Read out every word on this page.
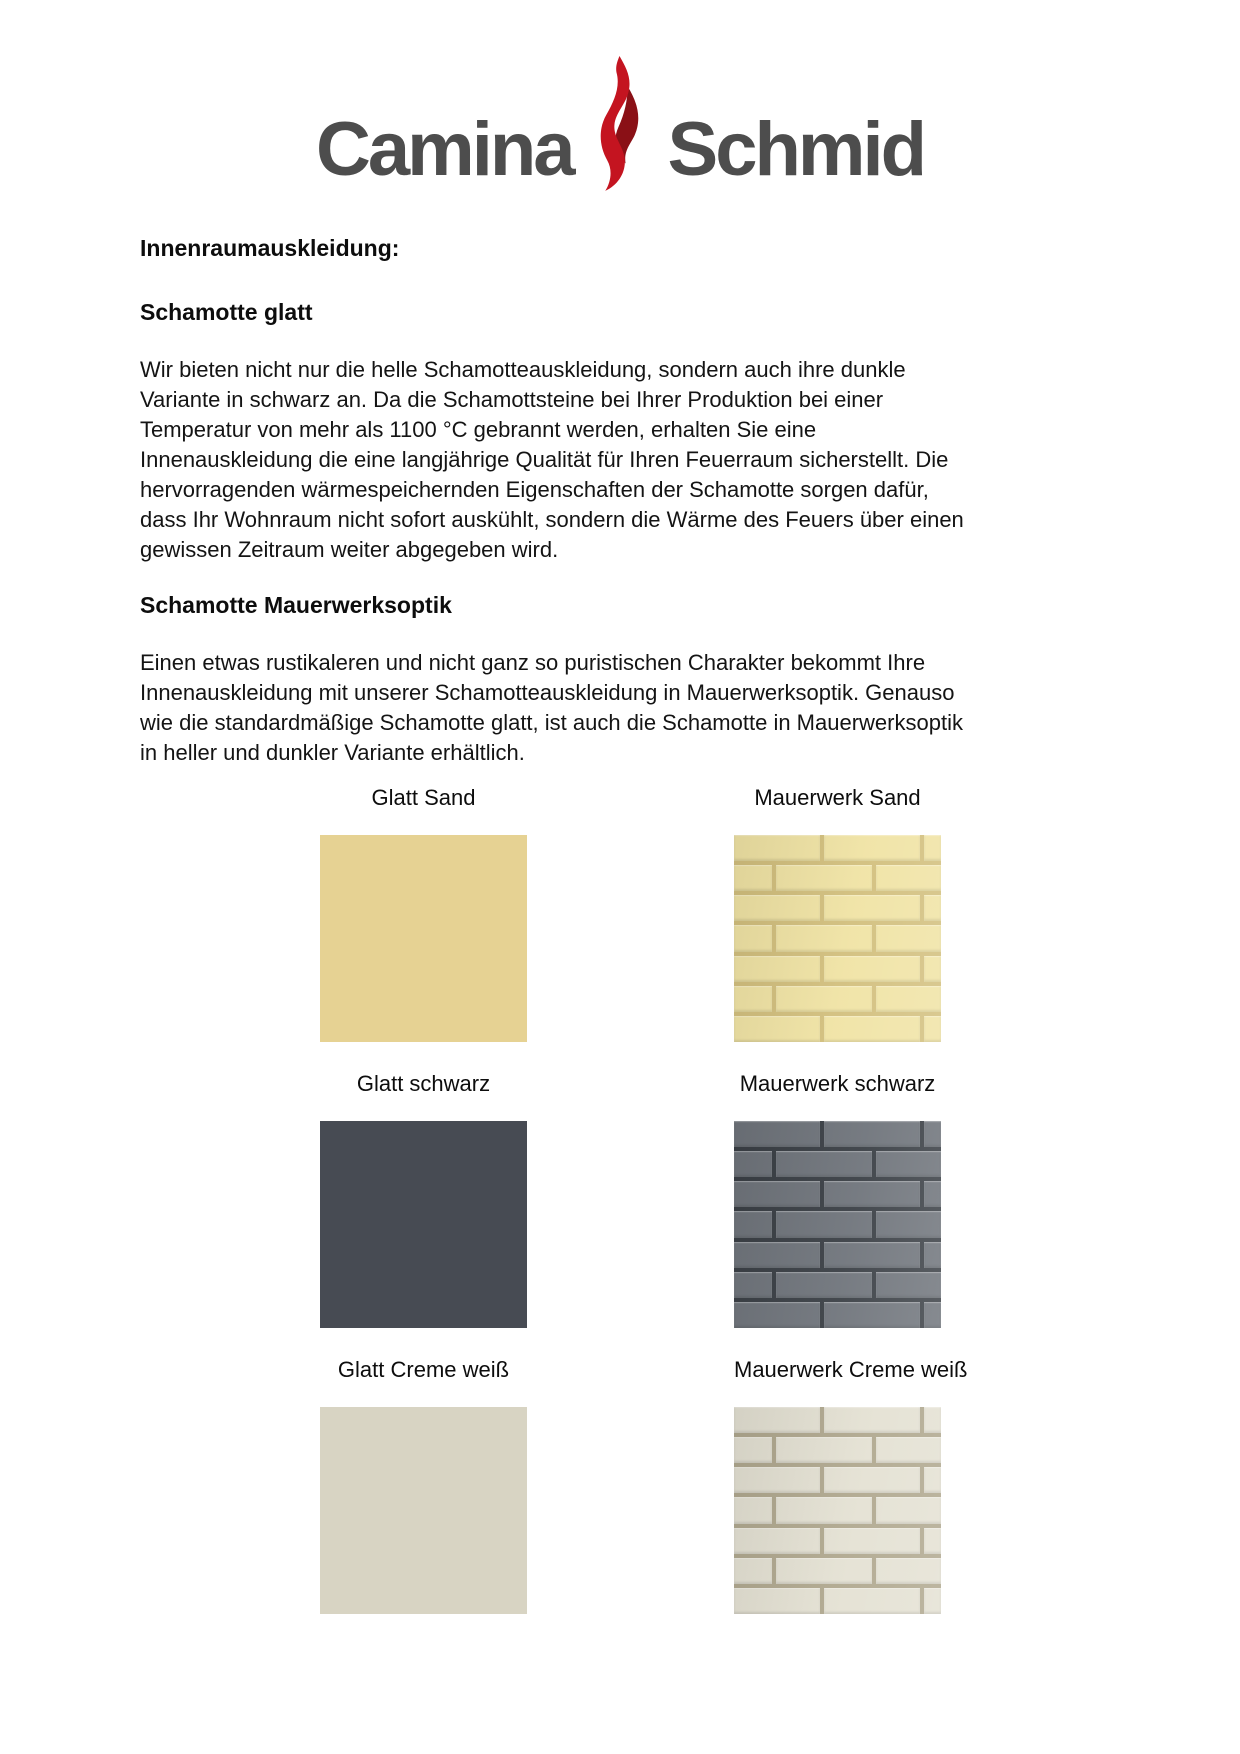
Camina Schmid
Innenraumauskleidung:
Schamotte glatt
Wir bieten nicht nur die helle Schamotteauskleidung, sondern auch ihre dunkle
Variante in schwarz an. Da die Schamottsteine bei Ihrer Produktion bei einer
Temperatur von mehr als 1100 °C gebrannt werden, erhalten Sie eine
Innenauskleidung die eine langjährige Qualität für Ihren Feuerraum sicherstellt. Die
hervorragenden wärmespeichernden Eigenschaften der Schamotte sorgen dafür,
dass Ihr Wohnraum nicht sofort auskühlt, sondern die Wärme des Feuers über einen
gewissen Zeitraum weiter abgegeben wird.
Schamotte Mauerwerksoptik
Einen etwas rustikaleren und nicht ganz so puristischen Charakter bekommt Ihre
Innenauskleidung mit unserer Schamotteauskleidung in Mauerwerksoptik. Genauso
wie die standardmäßige Schamotte glatt, ist auch die Schamotte in Mauerwerksoptik
in heller und dunkler Variante erhältlich.
Glatt Sand	Mauerwerk Sand
Glatt schwarz	Mauerwerk schwarz
Glatt Creme weiß	Mauerwerk Creme weiß
